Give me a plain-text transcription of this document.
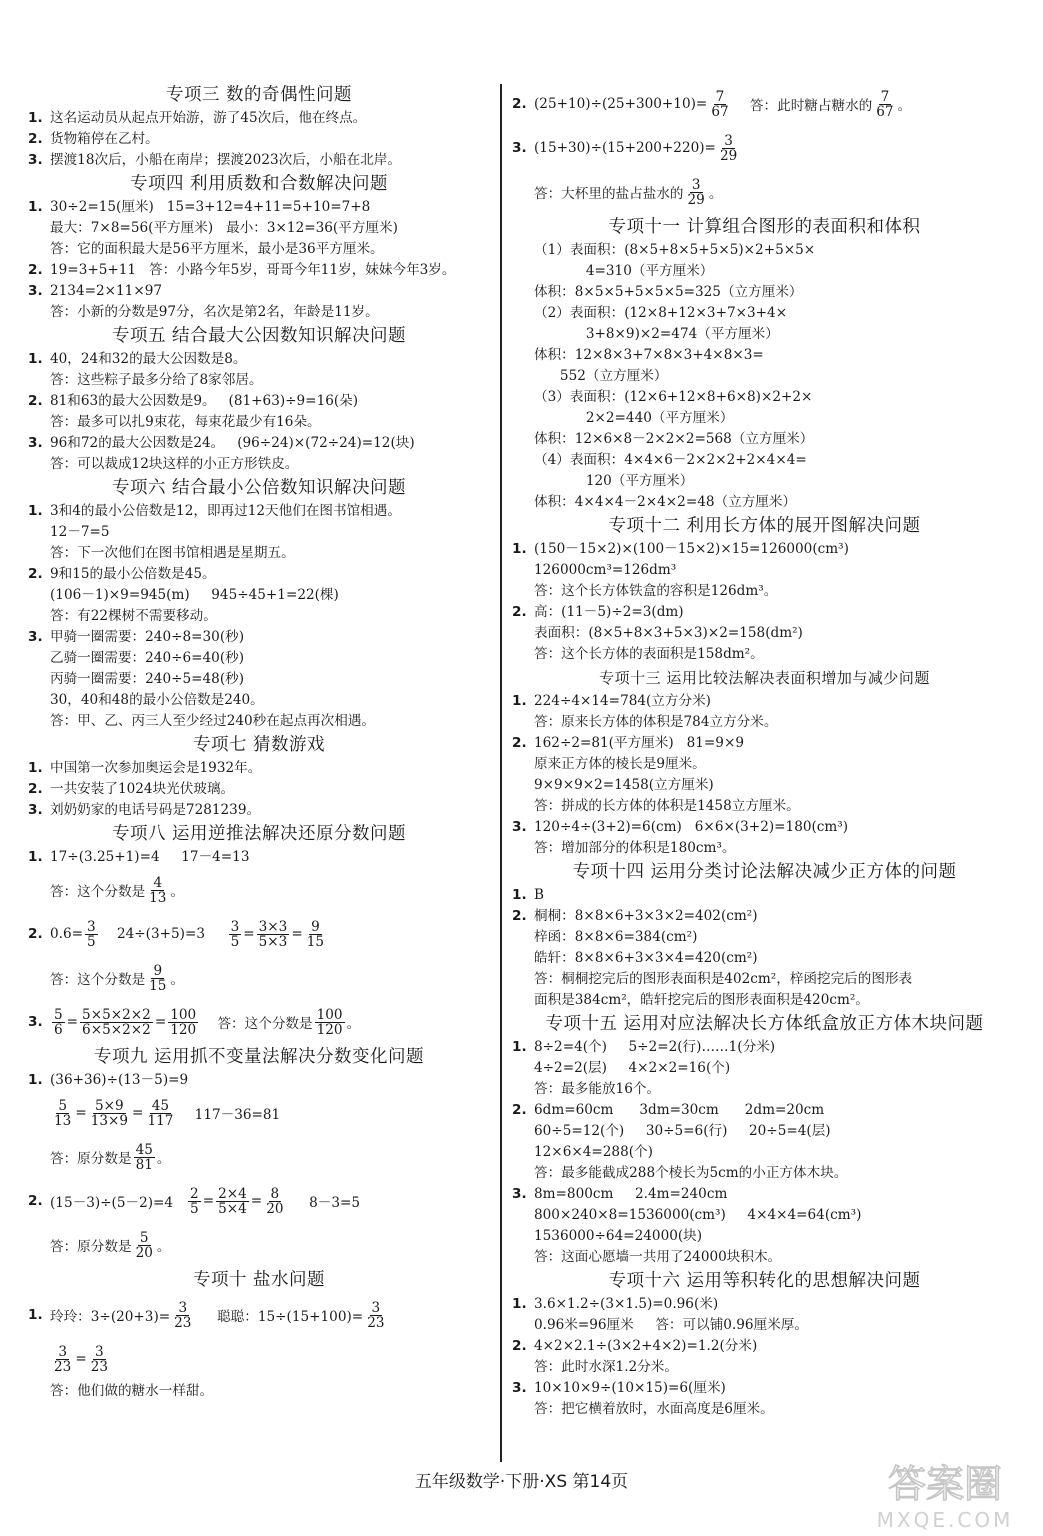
专项三 数的奇偶性问题
1. 这名运动员从起点开始游，游了45次后，他在终点。
2. 货物箱停在乙村。
3. 摆渡18次后，小船在南岸；摆渡2023次后，小船在北岸。
专项四 利用质数和合数解决问题
1. 30÷2=15(厘米)   15=3+12=4+11=5+10=7+8
最大：7×8=56(平方厘米)   最小：3×12=36(平方厘米)
答：它的面积最大是56平方厘米，最小是36平方厘米。
2. 19=3+5+11   答：小路今年5岁，哥哥今年11岁，妹妹今年3岁。
3. 2134=2×11×97
答：小新的分数是97分，名次是第2名，年龄是11岁。
专项五 结合最大公因数知识解决问题
1. 40，24和32的最大公因数是8。
答：这些粽子最多分给了8家邻居。
2. 81和63的最大公因数是9。   (81+63)÷9=16(朵)
答：最多可以扎9束花，每束花最少有16朵。
3. 96和72的最大公因数是24。   (96÷24)×(72÷24)=12(块)
答：可以裁成12块这样的小正方形铁皮。
专项六 结合最小公倍数知识解决问题
1. 3和4的最小公倍数是12，即再过12天他们在图书馆相遇。
12－7=5
答：下一次他们在图书馆相遇是星期五。
2. 9和15的最小公倍数是45。
(106－1)×9=945(m)     945÷45+1=22(棵)
答：有22棵树不需要移动。
3. 甲骑一圈需要：240÷8=30(秒)
乙骑一圈需要：240÷6=40(秒)
丙骑一圈需要：240÷5=48(秒)
30，40和48的最小公倍数是240。
答：甲、乙、丙三人至少经过240秒在起点再次相遇。
专项七 猜数游戏
1. 中国第一次参加奥运会是1932年。
2. 一共安装了1024块光伏玻璃。
3. 刘奶奶家的电话号码是7281239。
专项八 运用逆推法解决还原分数问题
1. 17÷(3.25+1)=4     17－4=13
答：这个分数是 $\frac{4}{13}$ 。
2. $0.6= \frac{3}{5} 24\div(3+5)=3 \frac{3}{5} = \frac{3\times 3}{5\times 3} = \frac{9}{15}$
答：这个分数是 $\frac{9}{15}$ 。
3. $\frac{5}{6} = \frac{5\times 5\times 2\times 2}{6\times 5\times 2\times 2} = \frac{100}{120}$ 答：这个分数是 $\frac{100}{120}$ 。
专项九 运用抓不变量法解决分数变化问题
1. (36+36)÷(13－5)=9
$\frac{5}{13} = \frac{5\times 9}{13\times 9} = \frac{45}{117} 117-36=81$
答：原分数是 $\frac{45}{81}$ 。
2. $(15-3)\div(5-2)=4 \frac{2}{5} = \frac{2\times 4}{5\times 4} = \frac{8}{20} 8-3=5$
答：原分数是 $\frac{5}{20}$ 。
专项十 盐水问题
1. 玲玲：$3\div(20+3)= \frac{3}{23}$ 聪聪：$15\div(15+100)= \frac{3}{23}$
$\frac{3}{23} = \frac{3}{23}$
答：他们做的糖水一样甜。
2. $(25+10)\div(25+300+10)= \frac{7}{67}$ 答：此时糖占糖水的 $\frac{7}{67}$ 。
3. $(15+30)\div(15+200+220)= \frac{3}{29}$
答：大杯里的盐占盐水的 $\frac{3}{29}$ 。
专项十一 计算组合图形的表面积和体积
（1）表面积：(8×5+8×5+5×5)×2+5×5×
4=310（平方厘米）
体积：8×5×5+5×5×5=325（立方厘米）
（2）表面积：(12×8+12×3+7×3+4×
3+8×9)×2=474（平方厘米）
体积：12×8×3+7×8×3+4×8×3=
552（立方厘米）
（3）表面积：(12×6+12×8+6×8)×2+2×
2×2=440（平方厘米）
体积：12×6×8－2×2×2=568（立方厘米）
（4）表面积：4×4×6－2×2×2+2×4×4=
120（平方厘米）
体积：4×4×4－2×4×2=48（立方厘米）
专项十二 利用长方体的展开图解决问题
1. (150－15×2)×(100－15×2)×15=126000(cm³)
126000cm³=126dm³
答：这个长方体铁盒的容积是126dm³。
2. 高：(11－5)÷2=3(dm)
表面积：(8×5+8×3+5×3)×2=158(dm²)
答：这个长方体的表面积是158dm²。
专项十三 运用比较法解决表面积增加与减少问题
1. 224÷4×14=784(立方分米)
答：原来长方体的体积是784立方分米。
2. 162÷2=81(平方厘米)   81=9×9
原来正方体的棱长是9厘米。
9×9×9×2=1458(立方厘米)
答：拼成的长方体的体积是1458立方厘米。
3. 120÷4÷(3+2)=6(cm)   6×6×(3+2)=180(cm³)
答：增加部分的体积是180cm³。
专项十四 运用分类讨论法解决减少正方体的问题
1. B
2. 桐桐：8×8×6+3×3×2=402(cm²)
梓函：8×8×6=384(cm²)
皓轩：8×8×6+3×3×4=420(cm²)
答：桐桐挖完后的图形表面积是402cm²，梓函挖完后的图形表
面积是384cm²，皓轩挖完后的图形表面积是420cm²。
专项十五 运用对应法解决长方体纸盒放正方体木块问题
1. 8÷2=4(个)     5÷2=2(行)……1(分米)
4÷2=2(层)     4×2×2=16(个)
答：最多能放16个。
2. 6dm=60cm      3dm=30cm      2dm=20cm
60÷5=12(个)     30÷5=6(行)     20÷5=4(层)
12×6×4=288(个)
答：最多能截成288个棱长为5cm的小正方体木块。
3. 8m=800cm     2.4m=240cm
800×240×8=1536000(cm³)     4×4×4=64(cm³)
1536000÷64=24000(块)
答：这面心愿墙一共用了24000块积木。
专项十六 运用等积转化的思想解决问题
1. 3.6×1.2÷(3×1.5)=0.96(米)
0.96米=96厘米     答：可以铺0.96厘米厚。
2. 4×2×2.1÷(3×2+4×2)=1.2(分米)
答：此时水深1.2分米。
3. 10×10×9÷(10×15)=6(厘米)
答：把它横着放时，水面高度是6厘米。
五年级数学·下册·XS 第14页	答案圈
MXQE.COM
